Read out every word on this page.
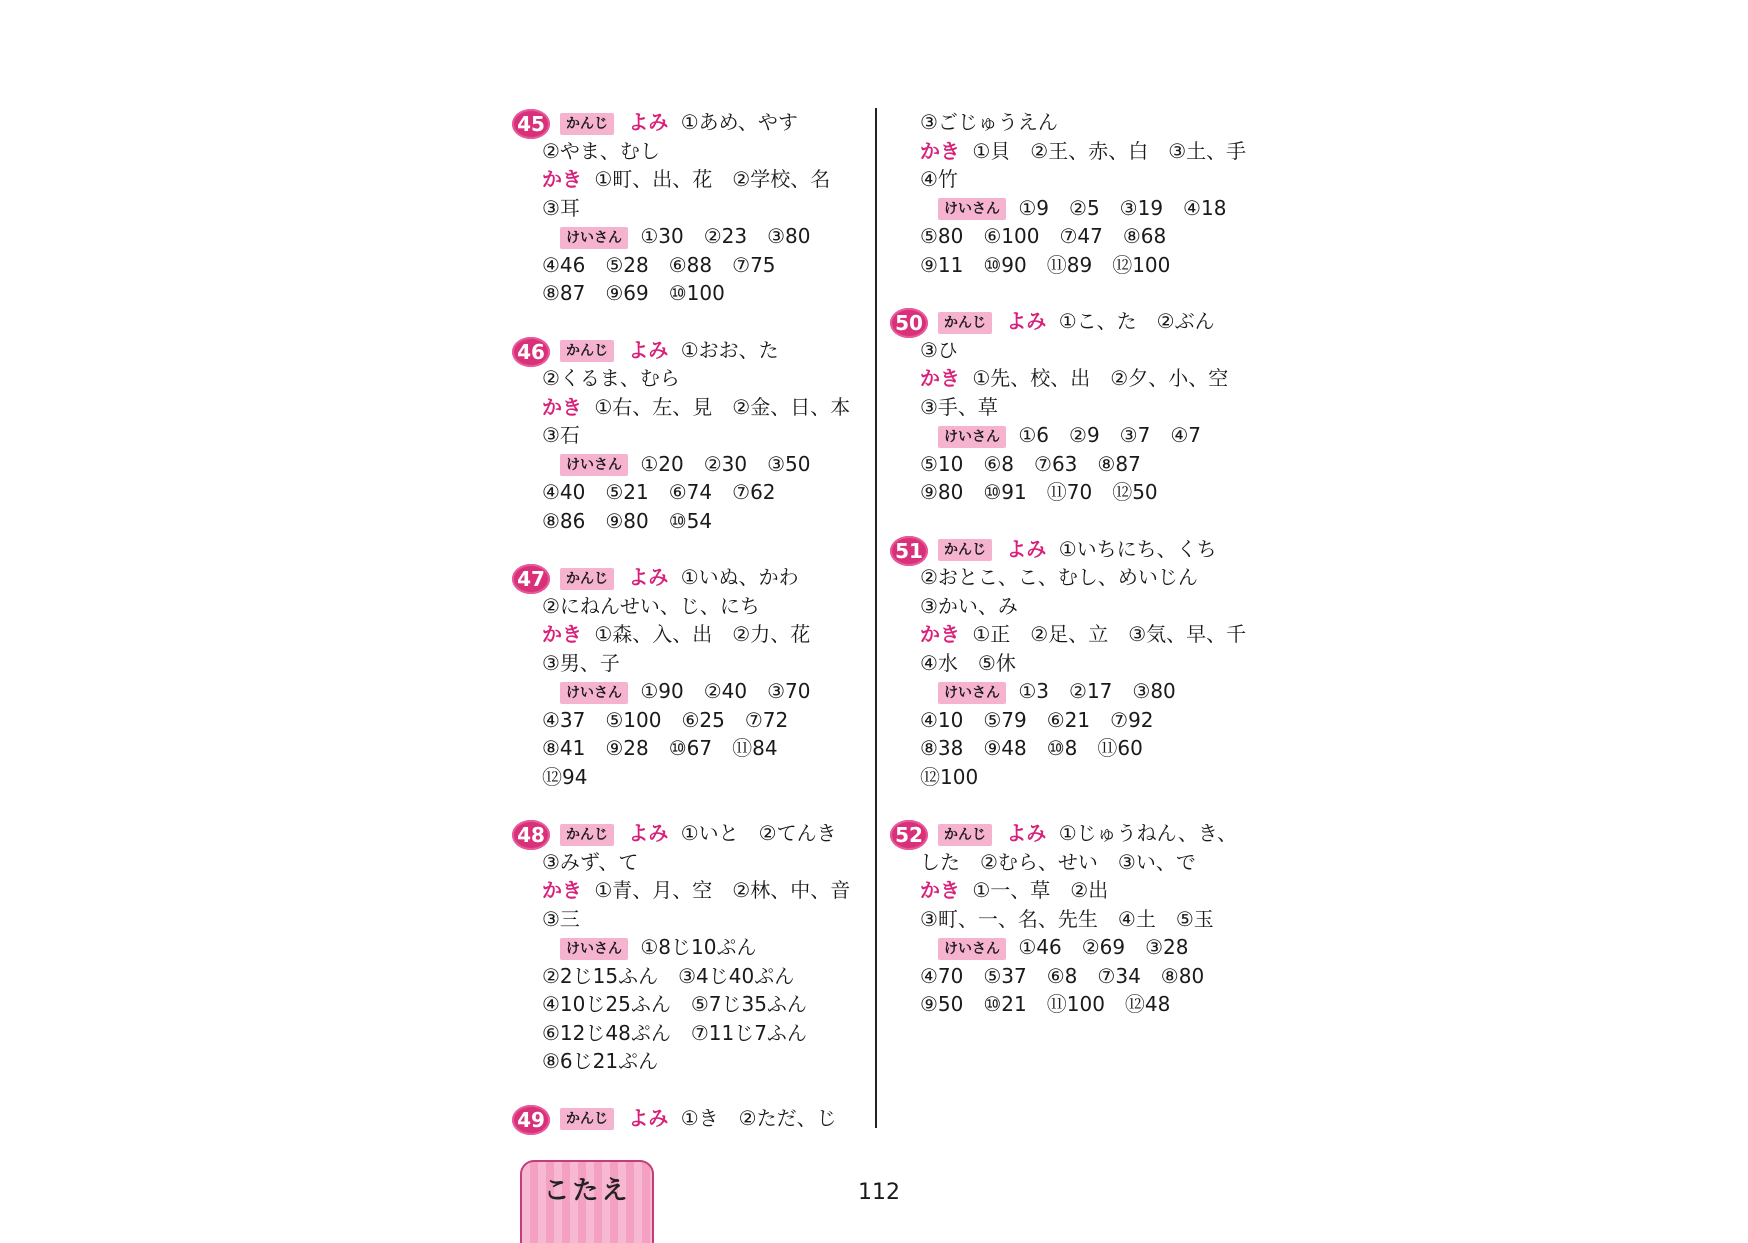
45	かんじ よみ ①あめ、やす
②やま、むし
かき ①町、出、花　②学校、名
③耳
けいさん ①30　②23　③80
④46　⑤28　⑥88　⑦75
⑧87　⑨69　⑩100
46	かんじ よみ ①おお、た
②くるま、むら
かき ①右、左、見　②金、日、本
③石
けいさん ①20　②30　③50
④40　⑤21　⑥74　⑦62
⑧86　⑨80　⑩54
47	かんじ よみ ①いぬ、かわ
②にねんせい、じ、にち
かき ①森、入、出　②力、花
③男、子
けいさん ①90　②40　③70
④37　⑤100　⑥25　⑦72
⑧41　⑨28　⑩67　⑪84
⑫94
48	かんじ よみ ①いと　②てんき
③みず、て
かき ①青、月、空　②林、中、音
③三
けいさん ①8じ10ぷん
②2じ15ふん　③4じ40ぷん
④10じ25ふん　⑤7じ35ふん
⑥12じ48ぷん　⑦11じ7ふん
⑧6じ21ぷん
49	かんじ よみ ①き　②ただ、じ
③ごじゅうえん
かき ①貝　②王、赤、白　③土、手
④竹
けいさん ①9　②5　③19　④18
⑤80　⑥100　⑦47　⑧68
⑨11　⑩90　⑪89　⑫100
50	かんじ よみ ①こ、た　②ぶん
③ひ
かき ①先、校、出　②夕、小、空
③手、草
けいさん ①6　②9　③7　④7
⑤10　⑥8　⑦63　⑧87
⑨80　⑩91　⑪70　⑫50
51	かんじ よみ ①いちにち、くち
②おとこ、こ、むし、めいじん
③かい、み
かき ①正　②足、立　③気、早、千
④水　⑤休
けいさん ①3　②17　③80
④10　⑤79　⑥21　⑦92
⑧38　⑨48　⑩8　⑪60
⑫100
52	かんじ よみ ①じゅうねん、き、
した　②むら、せい　③い、で
かき ①一、草　②出
③町、一、名、先生　④土　⑤玉
けいさん ①46　②69　③28
④70　⑤37　⑥8　⑦34　⑧80
⑨50　⑩21　⑪100　⑫48
こたえ	112
